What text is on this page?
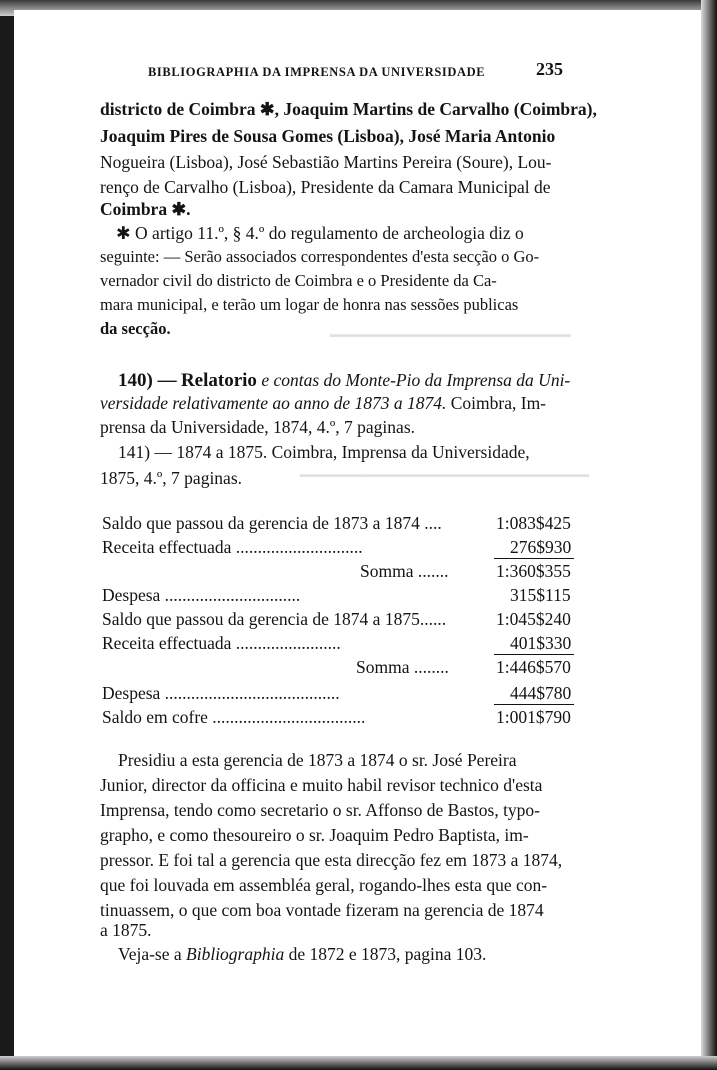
━━━━━━━━━━━━━━━━━━━━━━━━━
━━━━━━━━━━━━━━━━━━━━━━━━━━━━━━
BIBLIOGRAPHIA DA IMPRENSA DA UNIVERSIDADE	235
districto de Coimbra ✱, Joaquim Martins de Carvalho (Coimbra),
Joaquim Pires de Sousa Gomes (Lisboa), José Maria Antonio
Nogueira (Lisboa), José Sebastião Martins Pereira (Soure), Lou-
renço de Carvalho (Lisboa), Presidente da Camara Municipal de
Coimbra ✱.
✱ O artigo 11.º, § 4.º do regulamento de archeologia diz o
seguinte: — Serão associados correspondentes d'esta secção o Go-
vernador civil do districto de Coimbra e o Presidente da Ca-
mara municipal, e terão um logar de honra nas sessões publicas
da secção.
140) — Relatorio e contas do Monte-Pio da Imprensa da Uni-
versidade relativamente ao anno de 1873 a 1874. Coimbra, Im-
prensa da Universidade, 1874, 4.º, 7 paginas.
141) — 1874 a 1875. Coimbra, Imprensa da Universidade,
1875, 4.º, 7 paginas.
Saldo que passou da gerencia de 1873 a 1874 ....	1:083$425
Receita effectuada .............................	276$930
Somma .......	1:360$355
Despesa ...............................	315$115
Saldo que passou da gerencia de 1874 a 1875......	1:045$240
Receita effectuada ........................	401$330
Somma ........	1:446$570
Despesa ........................................	444$780
Saldo em cofre ...................................	1:001$790
Presidiu a esta gerencia de 1873 a 1874 o sr. José Pereira
Junior, director da officina e muito habil revisor technico d'esta
Imprensa, tendo como secretario o sr. Affonso de Bastos, typo-
grapho, e como thesoureiro o sr. Joaquim Pedro Baptista, im-
pressor. E foi tal a gerencia que esta direcção fez em 1873 a 1874,
que foi louvada em assembléa geral, rogando-lhes esta que con-
tinuassem, o que com boa vontade fizeram na gerencia de 1874
a 1875.
Veja-se a Bibliographia de 1872 e 1873, pagina 103.
